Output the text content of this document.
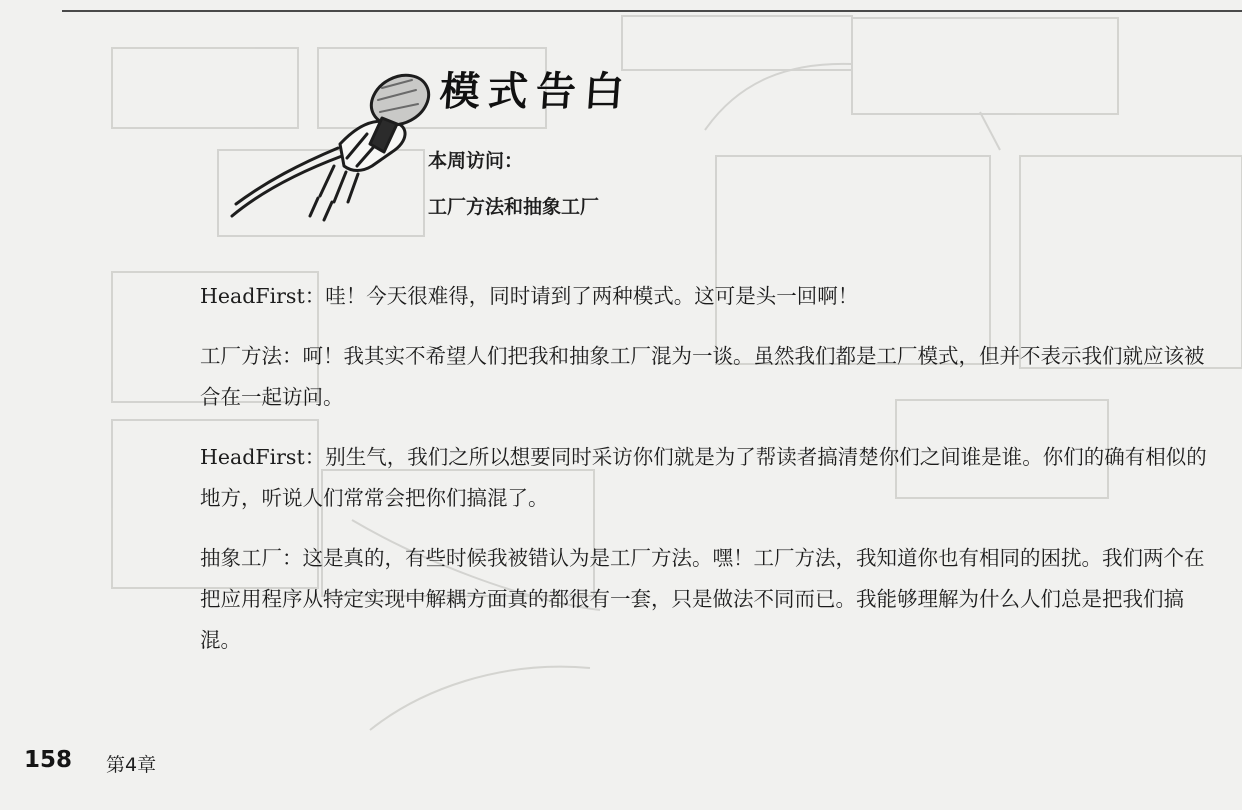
模式告白
本周访问：
工厂方法和抽象工厂

HeadFirst：哇！今天很难得，同时请到了两种模式。这可是头一回啊！

工厂方法：呵！我其实不希望人们把我和抽象工厂混为一谈。虽然我们都是工厂模式，但并不表示我们就应该被合在一起访问。

HeadFirst：别生气，我们之所以想要同时采访你们就是为了帮读者搞清楚你们之间谁是谁。你们的确有相似的地方，听说人们常常会把你们搞混了。

抽象工厂：这是真的，有些时候我被错认为是工厂方法。嘿！工厂方法，我知道你也有相同的困扰。我们两个在把应用程序从特定实现中解耦方面真的都很有一套，只是做法不同而已。我能够理解为什么人们总是把我们搞混。

158 第4章
